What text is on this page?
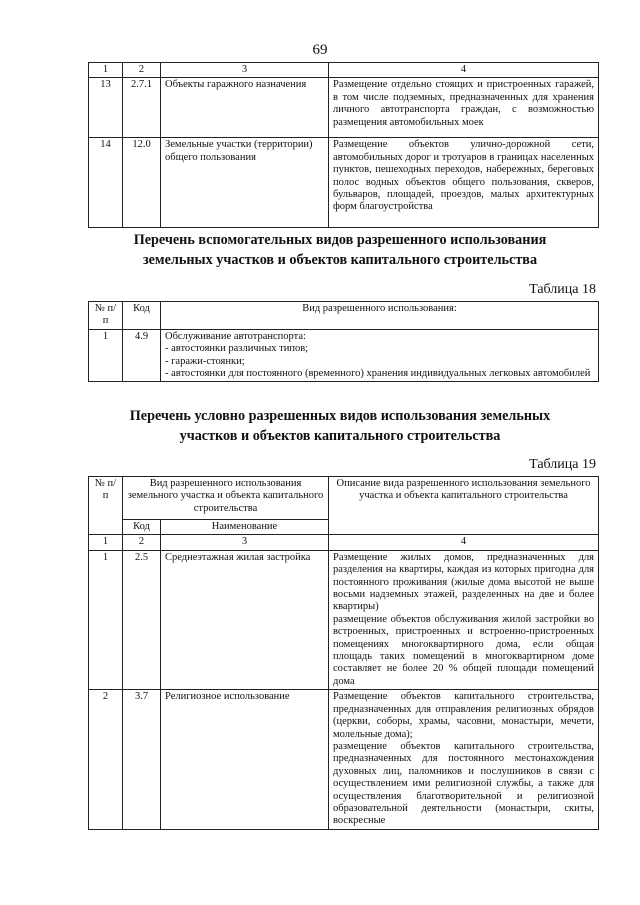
69
1	2	3	4
13	2.7.1	Объекты гаражного назначения	Размещение отдельно стоящих и пристроенных гаражей, в том числе подземных, предназначенных для хранения личного автотранспорта граждан, с возможностью размещения автомобильных моек
14	12.0	Земельные участки (территории) общего пользования	Размещение объектов улично-дорожной сети, автомобильных дорог и тротуаров в границах населенных пунктов, пешеходных переходов, набережных, береговых полос водных объектов общего пользования, скверов, бульваров, площадей, проездов, малых архитектурных форм благоустройства
Перечень вспомогательных видов разрешенного использования
земельных участков и объектов капитального строительства
Таблица 18
№ п/п	Код	Вид разрешенного использования:
1	4.9	Обслуживание автотранспорта:
- автостоянки различных типов;
- гаражи-стоянки;
- автостоянки для постоянного (временного) хранения индивидуальных легковых автомобилей
Перечень условно разрешенных видов использования земельных
участков и объектов капитального строительства
Таблица 19
№ п/п	Вид разрешенного использования земельного участка и объекта капитального строительства		Описание вида разрешенного использования земельного участка и объекта капитального строительства
	Код	Наименование	
1	2	3	4
1	2.5	Среднеэтажная жилая застройка	Размещение жилых домов, предназначенных для разделения на квартиры, каждая из которых пригодна для постоянного проживания (жилые дома высотой не выше восьми надземных этажей, разделенных на две и более квартиры)
размещение объектов обслуживания жилой застройки во встроенных, пристроенных и встроенно-пристроенных помещениях многоквартирного дома, если общая площадь таких помещений в многоквартирном доме составляет не более 20 % общей площади помещений дома

2	3.7	Религиозное использование	Размещение объектов капитального строительства, предназначенных для отправления религиозных обрядов (церкви, соборы, храмы, часовни, монастыри, мечети, молельные дома);
размещение объектов капитального строительства, предназначенных для постоянного местонахождения духовных лиц, паломников и послушников в связи с осуществлением ими религиозной службы, а также для осуществления благотворительной и религиозной образовательной деятельности (монастыри, скиты, воскресные
